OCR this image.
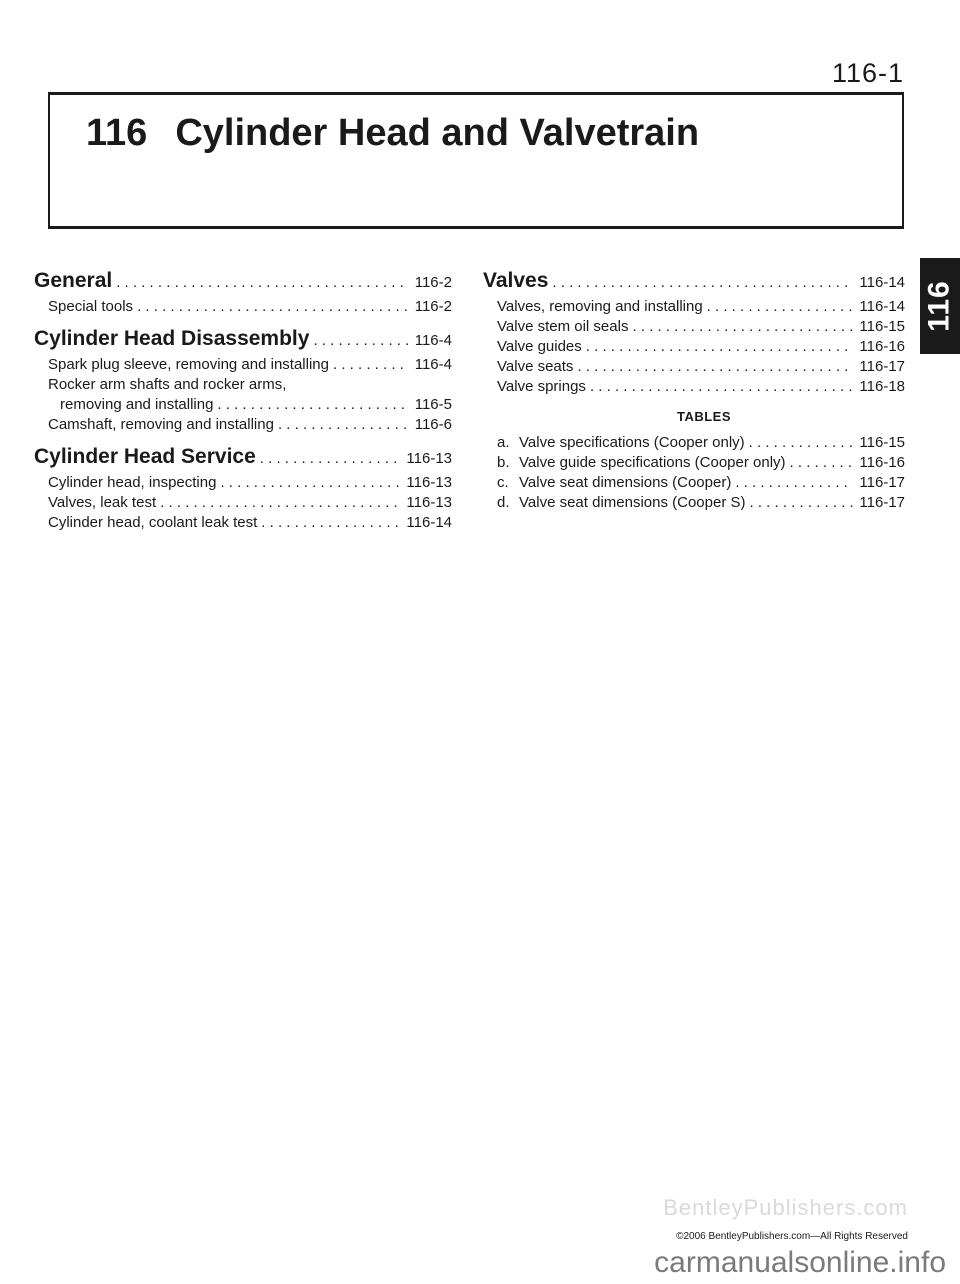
116-1
116 Cylinder Head and Valvetrain
116
General . . .	116-2
Special tools . . .	116-2
Cylinder Head Disassembly . . .	116-4
Spark plug sleeve, removing and installing . . .	116-4
Rocker arm shafts and rocker arms,
removing and installing . . .	116-5
Camshaft, removing and installing . . .	116-6
Cylinder Head Service . . .	116-13
Cylinder head, inspecting . . .	116-13
Valves, leak test . . .	116-13
Cylinder head, coolant leak test . . .	116-14
Valves . . .	116-14
Valves, removing and installing . . .	116-14
Valve stem oil seals . . .	116-15
Valve guides . . .	116-16
Valve seats . . .	116-17
Valve springs . . .	116-18
TABLES
a. Valve specifications (Cooper only) . . .	116-15
b. Valve guide specifications (Cooper only) . . .	116-16
c. Valve seat dimensions (Cooper) . . .	116-17
d. Valve seat dimensions (Cooper S) . . .	116-17
BentleyPublishers.com
©2006 BentleyPublishers.com—All Rights Reserved
carmanualsonline.info
